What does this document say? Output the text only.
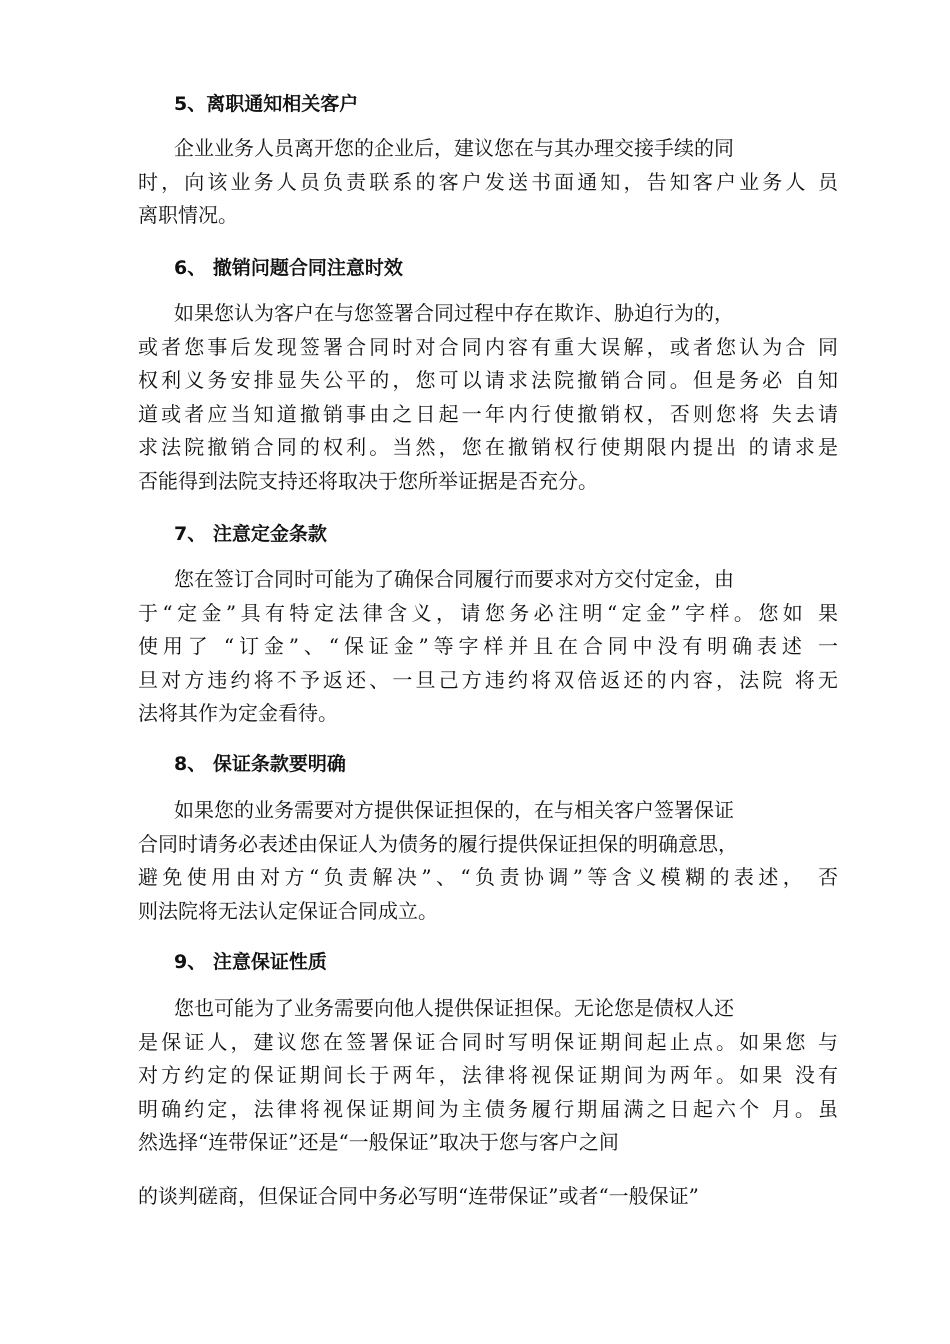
5、离职通知相关客户
企业业务人员离开您的企业后，建议您在与其办理交接手续的同
时，向该业务人员负责联系的客户发送书面通知，告知客户业务人 员
离职情况。
6、 撤销问题合同注意时效
如果您认为客户在与您签署合同过程中存在欺诈、胁迫行为的，
或者您事后发现签署合同时对合同内容有重大误解，或者您认为合 同
权利义务安排显失公平的，您可以请求法院撤销合同。但是务必 自知
道或者应当知道撤销事由之日起一年内行使撤销权，否则您将 失去请
求法院撤销合同的权利。当然，您在撤销权行使期限内提出 的请求是
否能得到法院支持还将取决于您所举证据是否充分。
7、 注意定金条款
您在签订合同时可能为了确保合同履行而要求对方交付定金，由
于“定金”具有特定法律含义，请您务必注明“定金”字样。您如 果
使用了 “订金”、“保证金”等字样并且在合同中没有明确表述 一
旦对方违约将不予返还、一旦己方违约将双倍返还的内容，法院 将无
法将其作为定金看待。
8、 保证条款要明确
如果您的业务需要对方提供保证担保的，在与相关客户签署保证
合同时请务必表述由保证人为债务的履行提供保证担保的明确意思，
避免使用由对方“负责解决”、“负责协调”等含义模糊的表述， 否
则法院将无法认定保证合同成立。
9、 注意保证性质
您也可能为了业务需要向他人提供保证担保。无论您是债权人还
是保证人，建议您在签署保证合同时写明保证期间起止点。如果您 与
对方约定的保证期间长于两年，法律将视保证期间为两年。如果 没有
明确约定，法律将视保证期间为主债务履行期届满之日起六个 月。虽
然选择“连带保证”还是“一般保证”取决于您与客户之间
的谈判磋商，但保证合同中务必写明“连带保证”或者“一般保证”
